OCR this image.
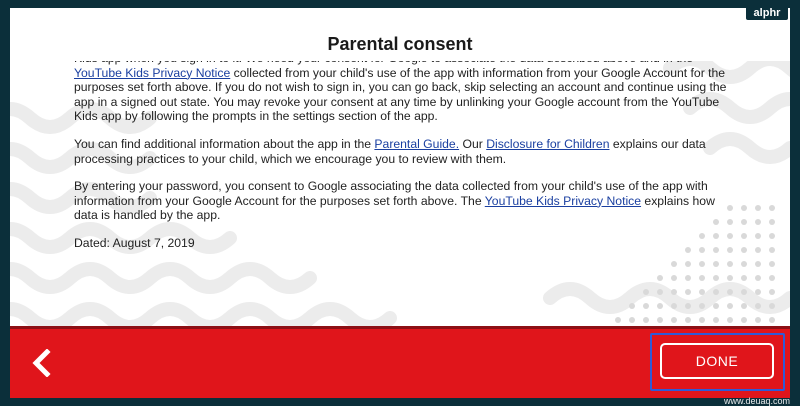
alphr
Parental consent

YouTube Kids Privacy Notice collected from your child's use of the app with information from your Google Account for the purposes set forth above. If you do not wish to sign in, you can go back, skip selecting an account and continue using the app in a signed out state. You may revoke your consent at any time by unlinking your Google account from the YouTube Kids app by following the prompts in the settings section of the app.

You can find additional information about the app in the Parental Guide. Our Disclosure for Children explains our data processing practices to your child, which we encourage you to review with them.

By entering your password, you consent to Google associating the data collected from your child's use of the app with information from your Google Account for the purposes set forth above. The YouTube Kids Privacy Notice explains how data is handled by the app.

Dated: August 7, 2019

DONE
www.deuaq.com
